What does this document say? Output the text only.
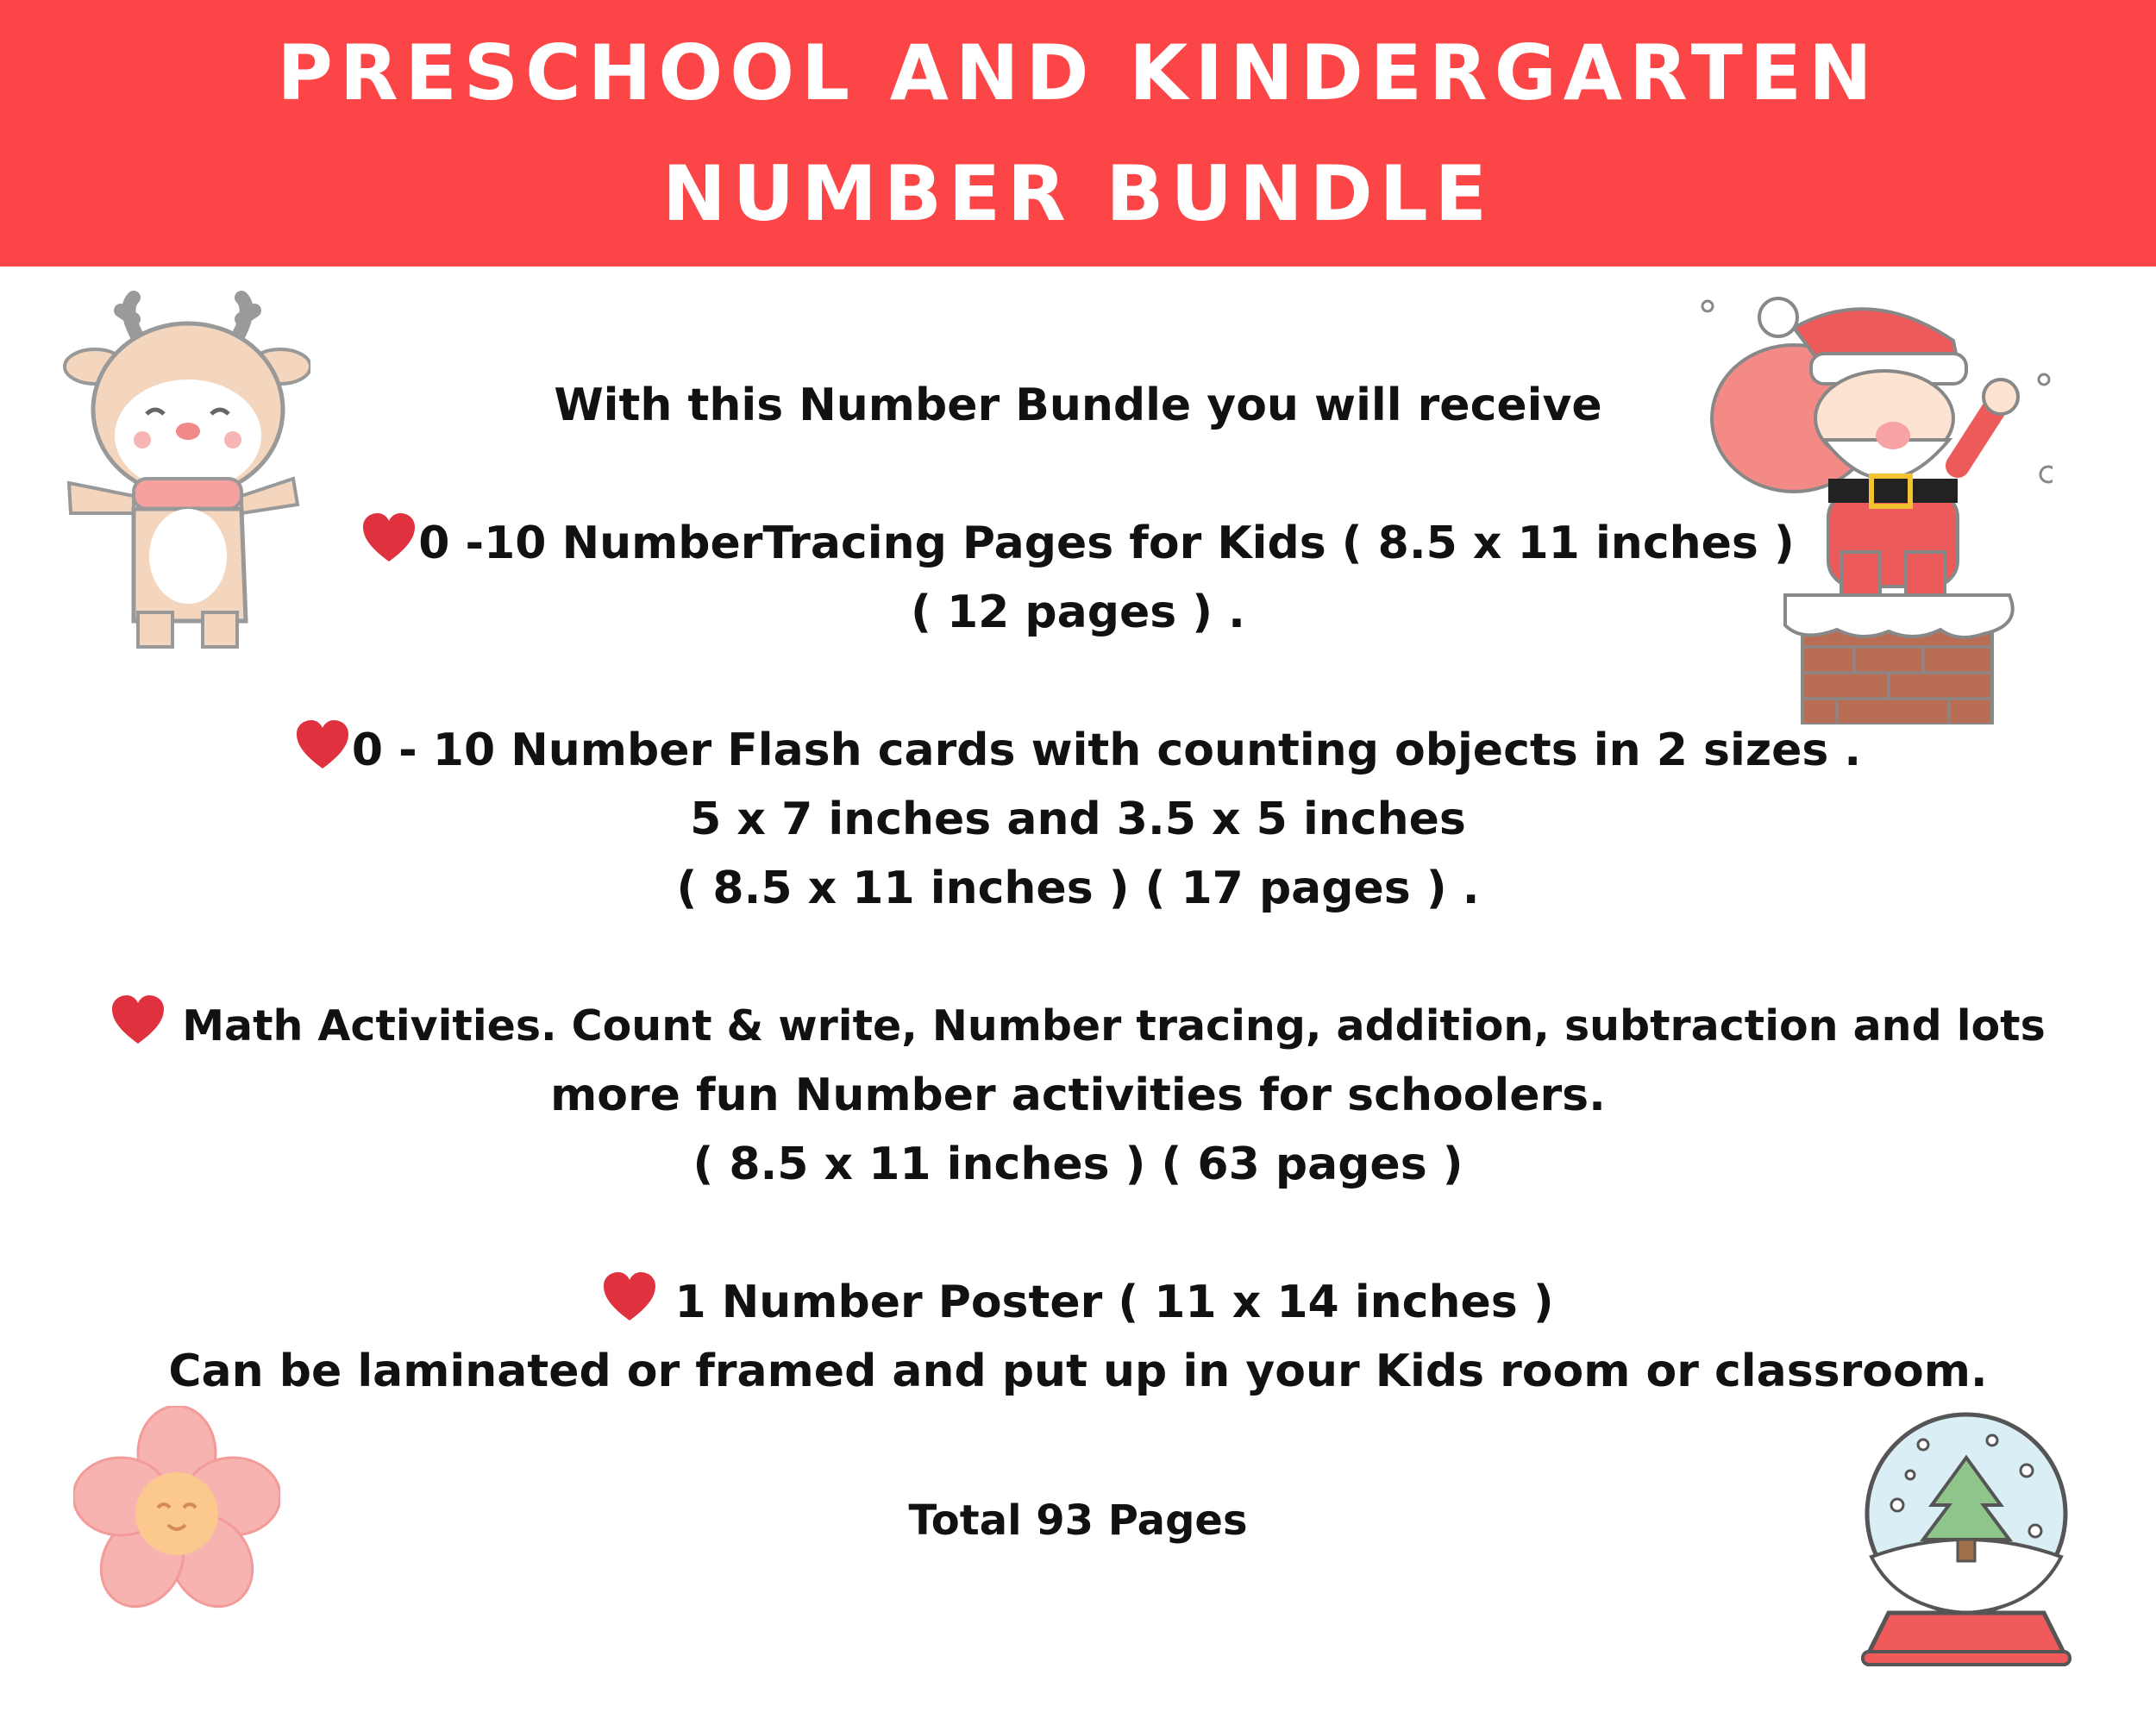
PRESCHOOL AND KINDERGARTEN
NUMBER BUNDLE
With this Number Bundle you will receive
0 -10 NumberTracing Pages for Kids ( 8.5 x 11 inches )
( 12 pages ) .
0 - 10 Number Flash cards with counting objects in 2 sizes .
5 x 7 inches and 3.5 x 5 inches
( 8.5 x 11 inches ) ( 17 pages ) .
Math Activities. Count & write, Number tracing, addition, subtraction and lots
more fun Number activities for schoolers.
( 8.5 x 11 inches ) ( 63 pages )
1 Number Poster ( 11 x 14 inches )
Can be laminated or framed and put up in your Kids room or classroom.
Total 93 Pages
